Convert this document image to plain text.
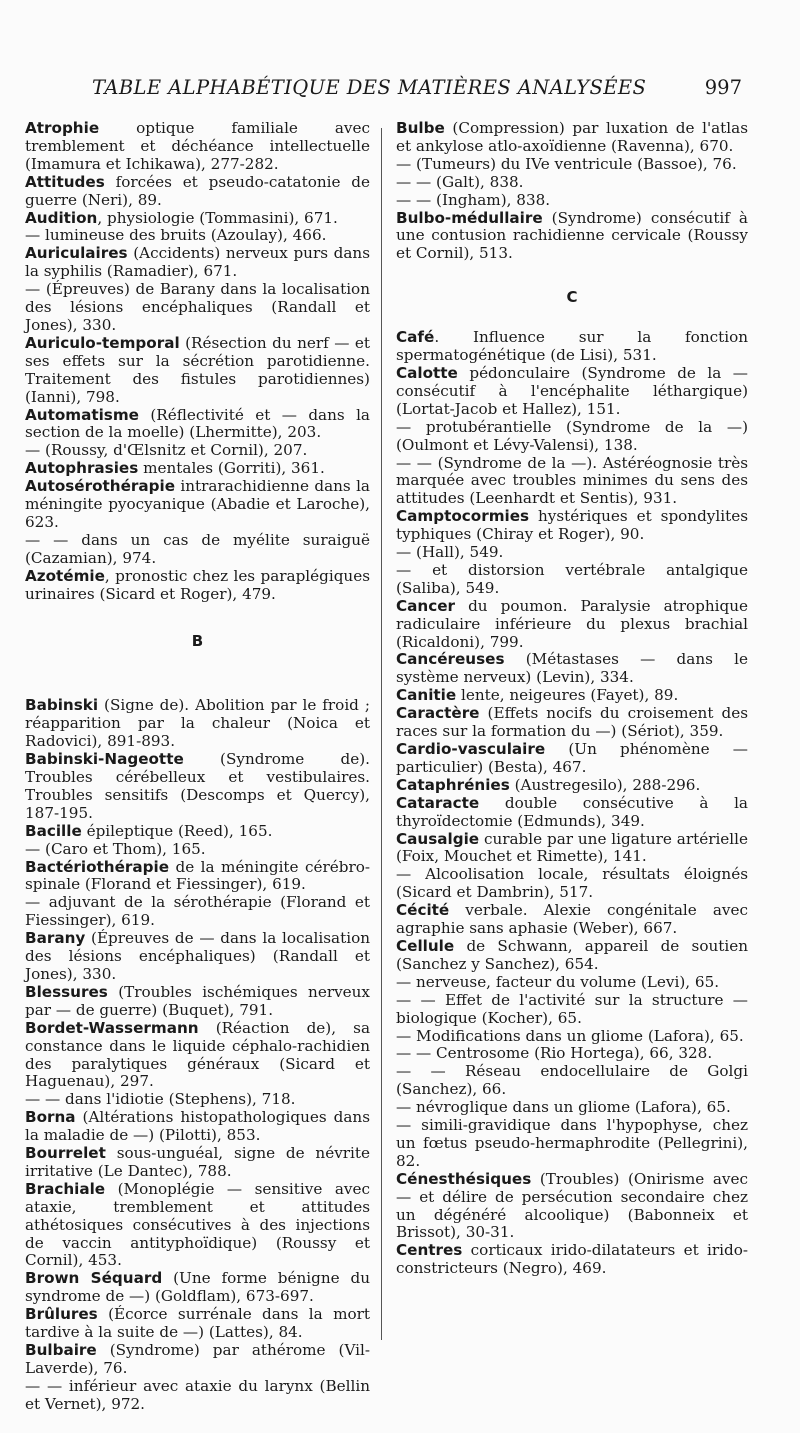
TABLE ALPHABÉTIQUE DES MATIÈRES ANALYSÉES	997

Atrophie optique familiale avec tremblement et déchéance intellectuelle (Imamura et Ichikawa), 277-282.

Attitudes forcées et pseudo-catatonie de guerre (Neri), 89.

Audition, physiologie (Tommasini), 671.

— lumineuse des bruits (Azoulay), 466.

Auriculaires (Accidents) nerveux purs dans la syphilis (Ramadier), 671.

— (Épreuves) de Barany dans la localisation des lésions encéphaliques (Randall et Jones), 330.

Auriculo-temporal (Résection du nerf — et ses effets sur la sécrétion parotidienne. Traitement des fistules parotidiennes) (Ianni), 798.

Automatisme (Réflectivité et — dans la section de la moelle) (Lhermitte), 203.

— (Roussy, d'Œlsnitz et Cornil), 207.

Autophrasies mentales (Gorriti), 361.

Autosérothérapie intrarachidienne dans la méningite pyocyanique (Abadie et Laroche), 623.

— — dans un cas de myélite suraiguë (Cazamian), 974.

Azotémie, pronostic chez les paraplégiques urinaires (Sicard et Roger), 479.

B

Babinski (Signe de). Abolition par le froid ; réapparition par la chaleur (Noica et Radovici), 891-893.

Babinski-Nageotte (Syndrome de). Troubles cérébelleux et vestibulaires. Troubles sensitifs (Descomps et Quercy), 187-195.

Bacille épileptique (Reed), 165.

— (Caro et Thom), 165.

Bactériothérapie de la méningite cérébro-spinale (Florand et Fiessinger), 619.

— adjuvant de la sérothérapie (Florand et Fiessinger), 619.

Barany (Épreuves de — dans la localisation des lésions encéphaliques) (Randall et Jones), 330.

Blessures (Troubles ischémiques nerveux par — de guerre) (Buquet), 791.

Bordet-Wassermann (Réaction de), sa constance dans le liquide céphalo-rachidien des paralytiques généraux (Sicard et Haguenau), 297.

— — dans l'idiotie (Stephens), 718.

Borna (Altérations histopathologiques dans la maladie de —) (Pilotti), 853.

Bourrelet sous-unguéal, signe de névrite irritative (Le Dantec), 788.

Brachiale (Monoplégie — sensitive avec ataxie, tremblement et attitudes athétosiques consécutives à des injections de vaccin antityphoïdique) (Roussy et Cornil), 453.

Brown Séquard (Une forme bénigne du syndrome de —) (Goldflam), 673-697.

Brûlures (Écorce surrénale dans la mort tardive à la suite de —) (Lattes), 84.

Bulbaire (Syndrome) par athérome (Vil-Laverde), 76.

— — inférieur avec ataxie du larynx (Bellin et Vernet), 972.

Bulbe (Compression) par luxation de l'atlas et ankylose atlo-axoïdienne (Ravenna), 670.

— (Tumeurs) du IVe ventricule (Bassoe), 76.

— — (Galt), 838.

— — (Ingham), 838.

Bulbo-médullaire (Syndrome) consécutif à une contusion rachidienne cervicale (Roussy et Cornil), 513.

C

Café. Influence sur la fonction spermatogénétique (de Lisi), 531.

Calotte pédonculaire (Syndrome de la — consécutif à l'encéphalite léthargique) (Lortat-Jacob et Hallez), 151.

— protubérantielle (Syndrome de la —) (Oulmont et Lévy-Valensi), 138.

— — (Syndrome de la —). Astéréognosie très marquée avec troubles minimes du sens des attitudes (Leenhardt et Sentis), 931.

Camptocormies hystériques et spondylites typhiques (Chiray et Roger), 90.

— (Hall), 549.

— et distorsion vertébrale antalgique (Saliba), 549.

Cancer du poumon. Paralysie atrophique radiculaire inférieure du plexus brachial (Ricaldoni), 799.

Cancéreuses (Métastases — dans le système nerveux) (Levin), 334.

Canitie lente, neigeures (Fayet), 89.

Caractère (Effets nocifs du croisement des races sur la formation du —) (Sériot), 359.

Cardio-vasculaire (Un phénomène — particulier) (Besta), 467.

Cataphrénies (Austregesilo), 288-296.

Cataracte double consécutive à la thyroïdectomie (Edmunds), 349.

Causalgie curable par une ligature artérielle (Foix, Mouchet et Rimette), 141.

— Alcoolisation locale, résultats éloignés (Sicard et Dambrin), 517.

Cécité verbale. Alexie congénitale avec agraphie sans aphasie (Weber), 667.

Cellule de Schwann, appareil de soutien (Sanchez y Sanchez), 654.

— nerveuse, facteur du volume (Levi), 65.

— — Effet de l'activité sur la structure —biologique (Kocher), 65.

— Modifications dans un gliome (Lafora), 65.

— — Centrosome (Rio Hortega), 66, 328.

— — Réseau endocellulaire de Golgi (Sanchez), 66.

— névroglique dans un gliome (Lafora), 65.

— simili-gravidique dans l'hypophyse, chez un fœtus pseudo-hermaphrodite (Pellegrini), 82.

Cénesthésiques (Troubles) (Onirisme avec — et délire de persécution secondaire chez un dégénéré alcoolique) (Babonneix et Brissot), 30-31.

Centres corticaux irido-dilatateurs et irido-constricteurs (Negro), 469.
